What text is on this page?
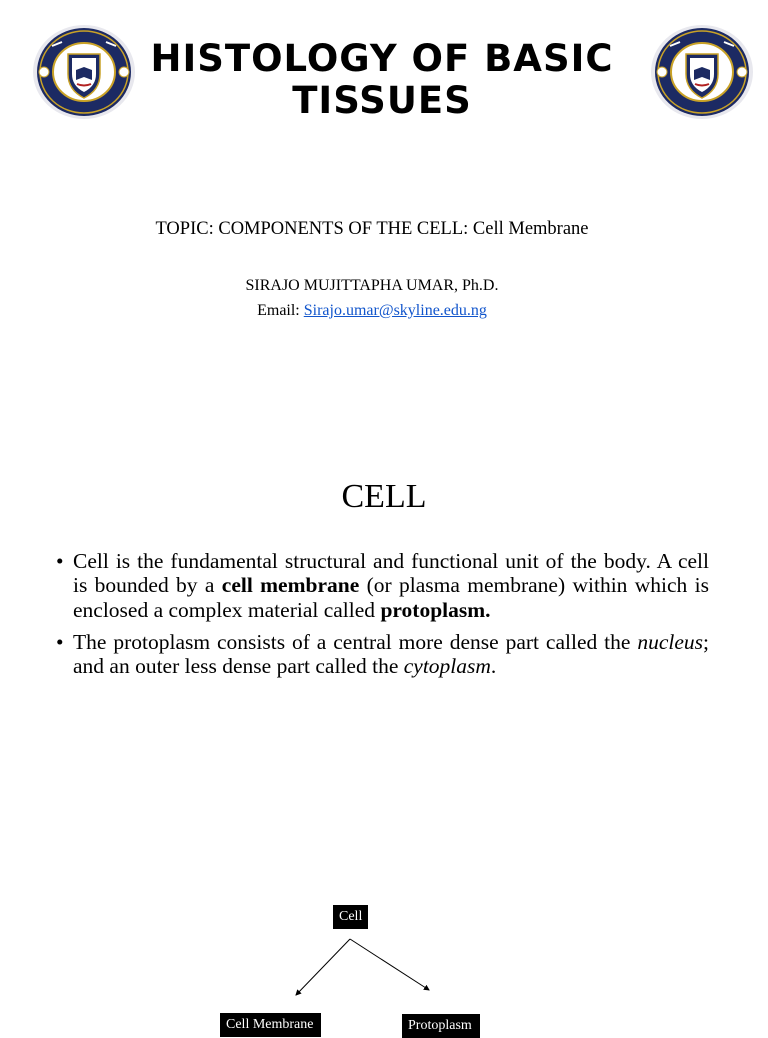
HISTOLOGY OF BASIC TISSUES
TOPIC: COMPONENTS OF THE CELL: Cell Membrane
SIRAJO MUJITTAPHA UMAR, Ph.D.
Email: Sirajo.umar@skyline.edu.ng
CELL
• Cell is the fundamental structural and functional unit of the body. A cell is bounded by a cell membrane (or plasma membrane) within which is enclosed a complex material called protoplasm.
• The protoplasm consists of a central more dense part called the nucleus; and an outer less dense part called the cytoplasm.
Cell
Cell Membrane	Protoplasm
